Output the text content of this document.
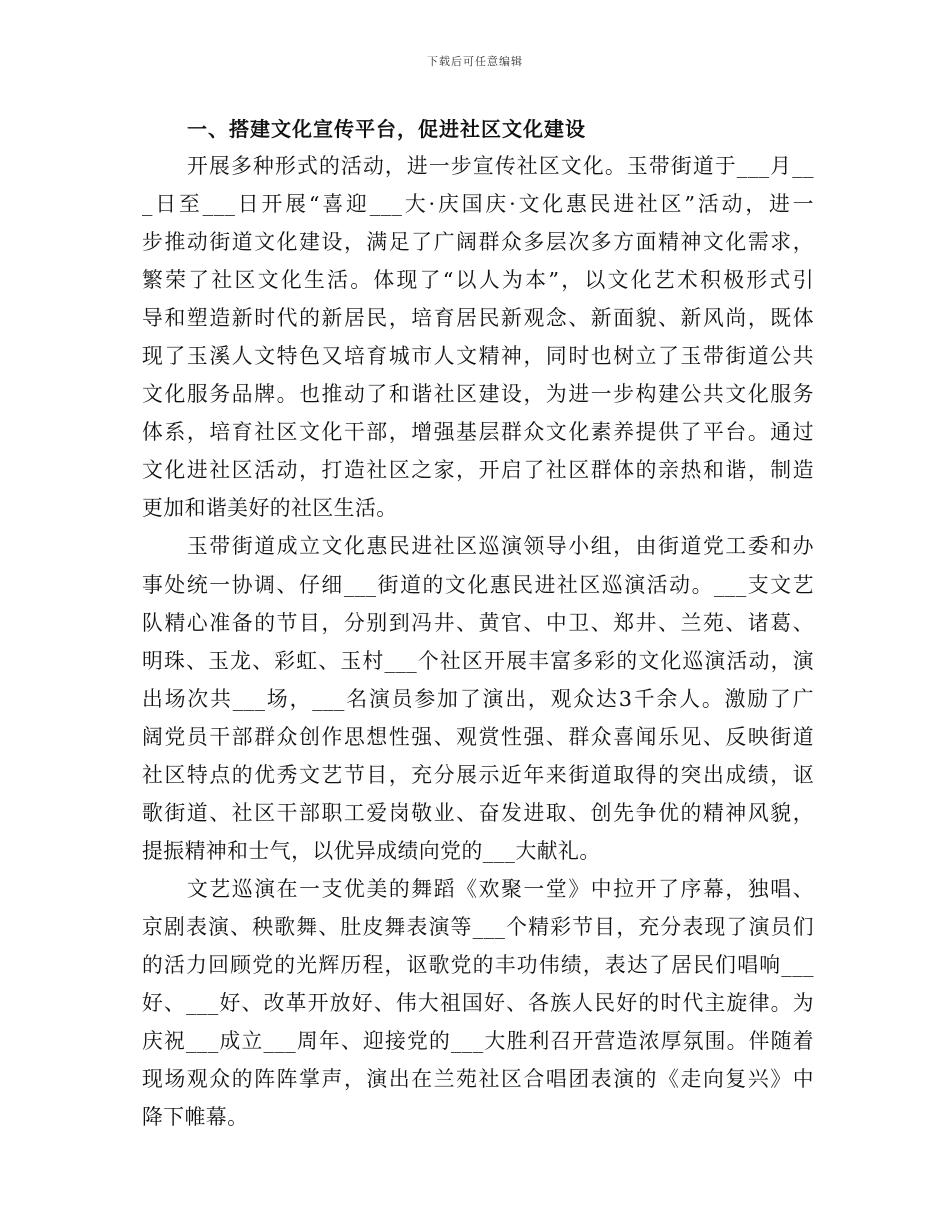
下载后可任意编辑
一、搭建文化宣传平台，促进社区文化建设
开展多种形式的活动，进一步宣传社区文化。玉带街道于___月__
_日至___日开展“喜迎___大·庆国庆·文化惠民进社区”活动，进一
步推动街道文化建设，满足了广阔群众多层次多方面精神文化需求，
繁荣了社区文化生活。体现了“以人为本”，以文化艺术积极形式引
导和塑造新时代的新居民，培育居民新观念、新面貌、新风尚，既体
现了玉溪人文特色又培育城市人文精神，同时也树立了玉带街道公共
文化服务品牌。也推动了和谐社区建设，为进一步构建公共文化服务
体系，培育社区文化干部，增强基层群众文化素养提供了平台。通过
文化进社区活动，打造社区之家，开启了社区群体的亲热和谐，制造
更加和谐美好的社区生活。
玉带街道成立文化惠民进社区巡演领导小组，由街道党工委和办
事处统一协调、仔细___街道的文化惠民进社区巡演活动。___支文艺
队精心准备的节目，分别到冯井、黄官、中卫、郑井、兰苑、诸葛、
明珠、玉龙、彩虹、玉村___个社区开展丰富多彩的文化巡演活动，演
出场次共___场，___名演员参加了演出，观众达3千余人。激励了广
阔党员干部群众创作思想性强、观赏性强、群众喜闻乐见、反映街道
社区特点的优秀文艺节目，充分展示近年来街道取得的突出成绩，讴
歌街道、社区干部职工爱岗敬业、奋发进取、创先争优的精神风貌，
提振精神和士气，以优异成绩向党的___大献礼。
文艺巡演在一支优美的舞蹈《欢聚一堂》中拉开了序幕，独唱、
京剧表演、秧歌舞、肚皮舞表演等___个精彩节目，充分表现了演员们
的活力回顾党的光辉历程，讴歌党的丰功伟绩，表达了居民们唱响___
好、___好、改革开放好、伟大祖国好、各族人民好的时代主旋律。为
庆祝___成立___周年、迎接党的___大胜利召开营造浓厚氛围。伴随着
现场观众的阵阵掌声，演出在兰苑社区合唱团表演的《走向复兴》中
降下帷幕。
